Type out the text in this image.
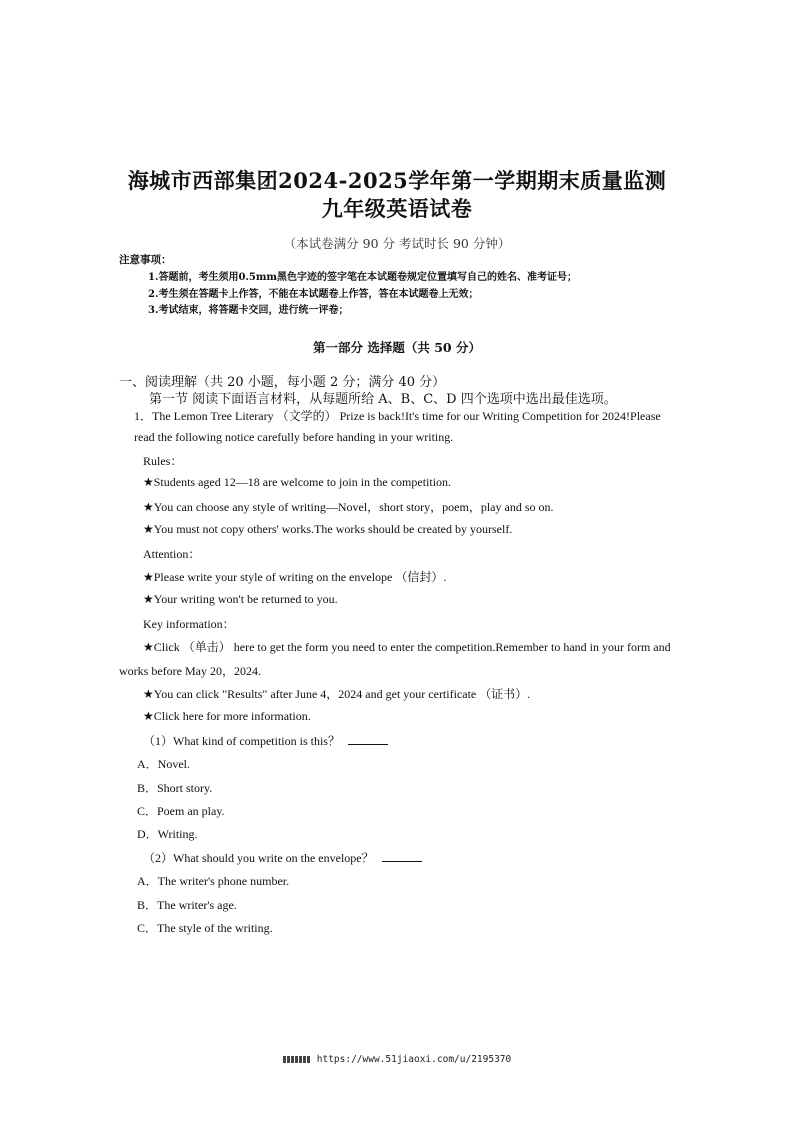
海城市西部集团2024-2025学年第一学期期末质量监测
九年级英语试卷
（本试卷满分 90 分 考试时长 90 分钟）
注意事项：
1.答题前，考生须用0.5mm黑色字迹的签字笔在本试题卷规定位置填写自己的姓名、准考证号；
2.考生须在答题卡上作答，不能在本试题卷上作答，答在本试题卷上无效；
3.考试结束，将答题卡交回，进行统一评卷；
第一部分 选择题（共 50 分）
一、阅读理解（共 20 小题，每小题 2 分；满分 40 分）
第一节 阅读下面语言材料，从每题所给 A、B、C、D 四个选项中选出最佳选项。
1．The Lemon Tree Literary （文学的） Prize is back!It's time for our Writing Competition for 2024!Please
read the following notice carefully before handing in your writing.
Rules：
★Students aged 12—18 are welcome to join in the competition.
★You can choose any style of writing—Novel，short story，poem，play and so on.
★You must not copy others' works.The works should be created by yourself.
Attention：
★Please write your style of writing on the envelope （信封）.
★Your writing won't be returned to you.
Key information：
★Click （单击） here to get the form you need to enter the competition.Remember to hand in your form and
works before May 20，2024.
★You can click "Results" after June 4，2024 and get your certificate （证书）.
★Click here for more information.
（1）What kind of competition is this？
A．Novel.
B．Short story.
C．Poem an play.
D．Writing.
（2）What should you write on the envelope？
A．The writer's phone number.
B．The writer's age.
C．The style of the writing.
https://www.51jiaoxi.com/u/2195370
